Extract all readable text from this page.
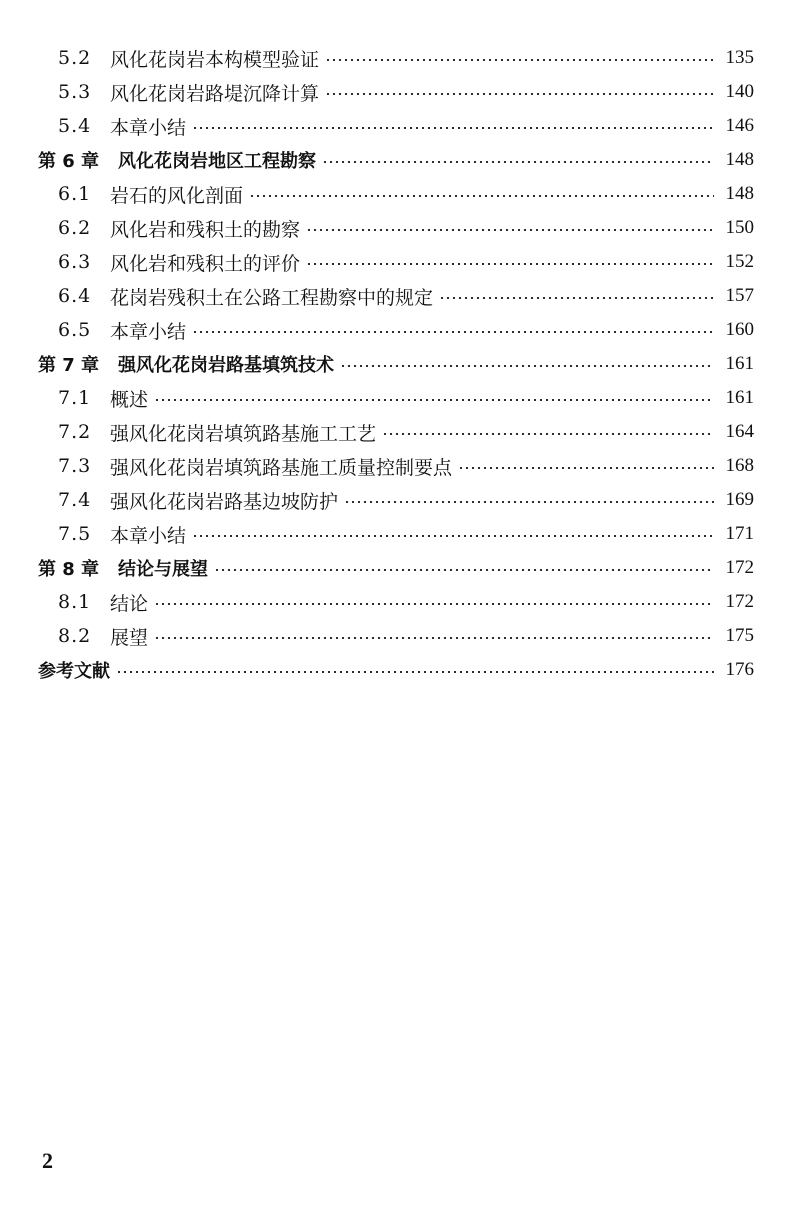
5.2 风化花岗岩本构模型验证	135
5.3 风化花岗岩路堤沉降计算	140
5.4 本章小结	146
第 6 章	风化花岗岩地区工程勘察	148
6.1 岩石的风化剖面	148
6.2 风化岩和残积土的勘察	150
6.3 风化岩和残积土的评价	152
6.4 花岗岩残积土在公路工程勘察中的规定	157
6.5 本章小结	160
第 7 章	强风化花岗岩路基填筑技术	161
7.1 概述	161
7.2 强风化花岗岩填筑路基施工工艺	164
7.3 强风化花岗岩填筑路基施工质量控制要点	168
7.4 强风化花岗岩路基边坡防护	169
7.5 本章小结	171
第 8 章	结论与展望	172
8.1 结论	172
8.2 展望	175
参考文献	176
2
